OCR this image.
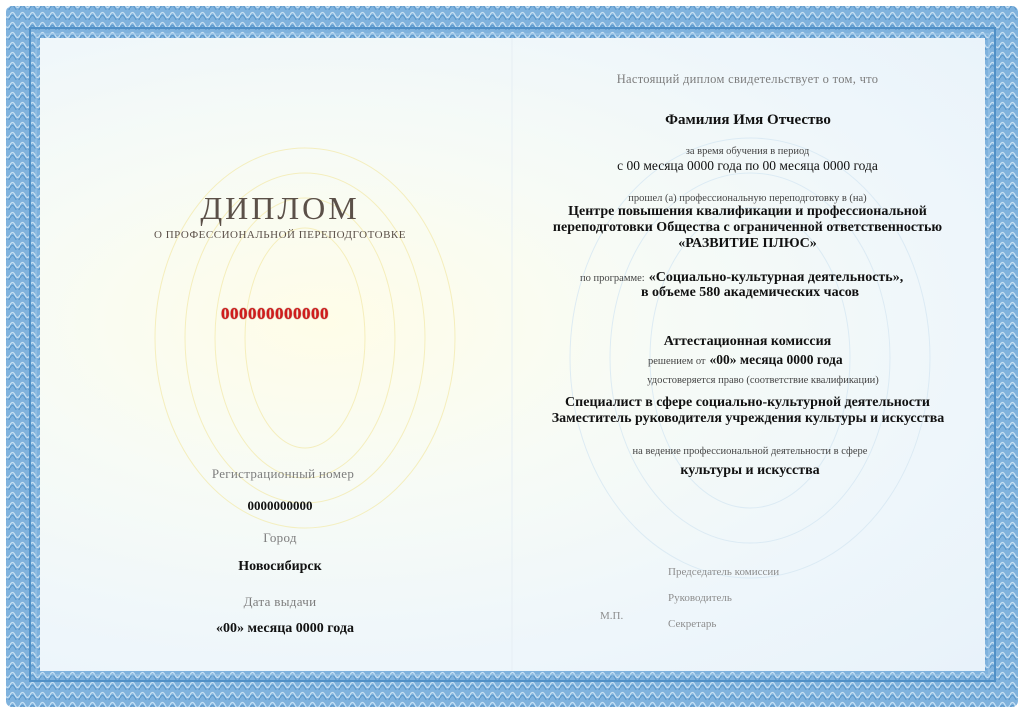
ДИПЛОМ
О ПРОФЕССИОНАЛЬНОЙ ПЕРЕПОДГОТОВКЕ
000000000000
Регистрационный номер
0000000000
Город
Новосибирск
Дата выдачи
«00» месяца 0000 года
Настоящий диплом свидетельствует о том, что
Фамилия Имя Отчество
за время обучения в период
с 00 месяца 0000 года по 00 месяца 0000 года
прошел (а) профессиональную переподготовку в (на)
Центре повышения квалификации и профессиональной
переподготовки Общества с ограниченной ответственностью
«РАЗВИТИЕ ПЛЮС»
по программе: «Социально-культурная деятельность»,
в объеме 580 академических часов
Аттестационная комиссия
решением от «00» месяца 0000 года
удостоверяется право (соответствие квалификации)
Специалист в сфере социально-культурной деятельности
Заместитель руководителя учреждения культуры и искусства
на ведение профессиональной деятельности в сфере
культуры и искусства
Председатель комиссии
Руководитель
М.П.
Секретарь
